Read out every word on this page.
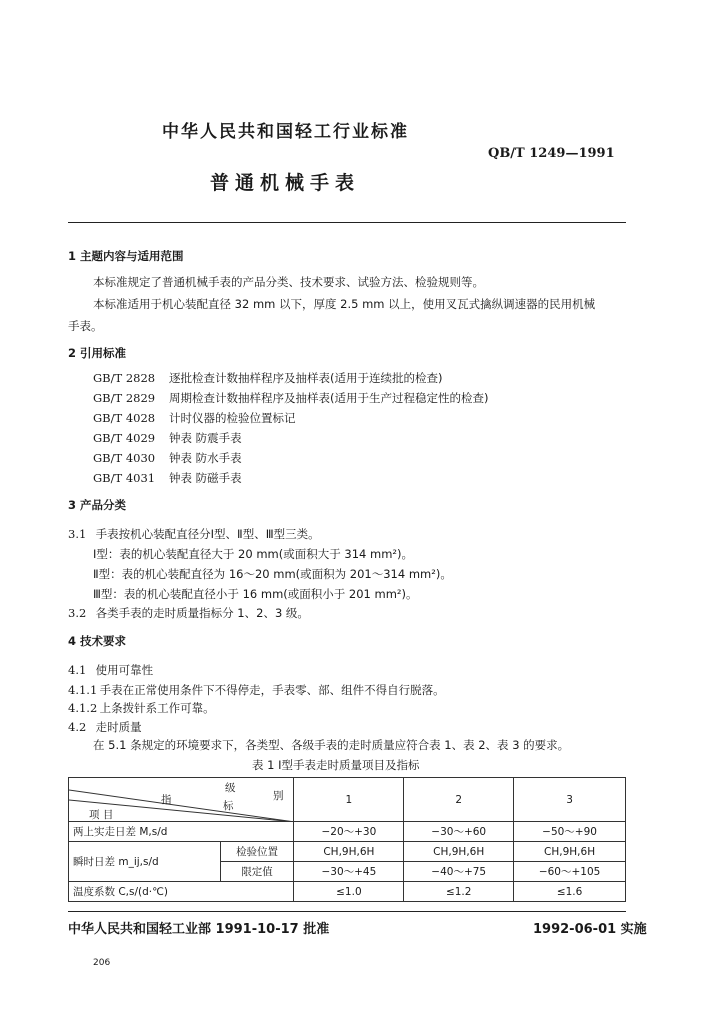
中华人民共和国轻工行业标准
QB/T 1249—1991
普通机械手表
1 主题内容与适用范围
本标准规定了普通机械手表的产品分类、技术要求、试验方法、检验规则等。
本标准适用于机心装配直径 32 mm 以下，厚度 2.5 mm 以上，使用叉瓦式擒纵调速器的民用机械
手表。
2 引用标准
GB/T 2828 逐批检查计数抽样程序及抽样表(适用于连续批的检查)
GB/T 2829 周期检查计数抽样程序及抽样表(适用于生产过程稳定性的检查)
GB/T 4028 计时仪器的检验位置标记
GB/T 4029 钟表 防震手表
GB/T 4030 钟表 防水手表
GB/T 4031 钟表 防磁手表
3 产品分类
3.1 手表按机心装配直径分Ⅰ型、Ⅱ型、Ⅲ型三类。
Ⅰ型：表的机心装配直径大于 20 mm(或面积大于 314 mm²)。
Ⅱ型：表的机心装配直径为 16～20 mm(或面积为 201～314 mm²)。
Ⅲ型：表的机心装配直径小于 16 mm(或面积小于 201 mm²)。
3.2 各类手表的走时质量指标分 1、2、3 级。
4 技术要求
4.1 使用可靠性
4.1.1 手表在正常使用条件下不得停走，手表零、部、组件不得自行脱落。
4.1.2 上条拨针系工作可靠。
4.2 走时质量
在 5.1 条规定的环境要求下，各类型、各级手表的走时质量应符合表 1、表 2、表 3 的要求。
表 1 Ⅰ型手表走时质量项目及指标
级
别
指 标
项 目		1	2	3
两上实走日差 M,s/d		−20～+30	−30～+60	−50～+90
瞬时日差 m_ij,s/d	检验位置	CH,9H,6H	CH,9H,6H	CH,9H,6H
	限定值	−30～+45	−40～+75	−60～+105
温度系数 C,s/(d·℃)		≤1.0	≤1.2	≤1.6
中华人民共和国轻工业部 1991-10-17 批准	1992-06-01 实施
206
